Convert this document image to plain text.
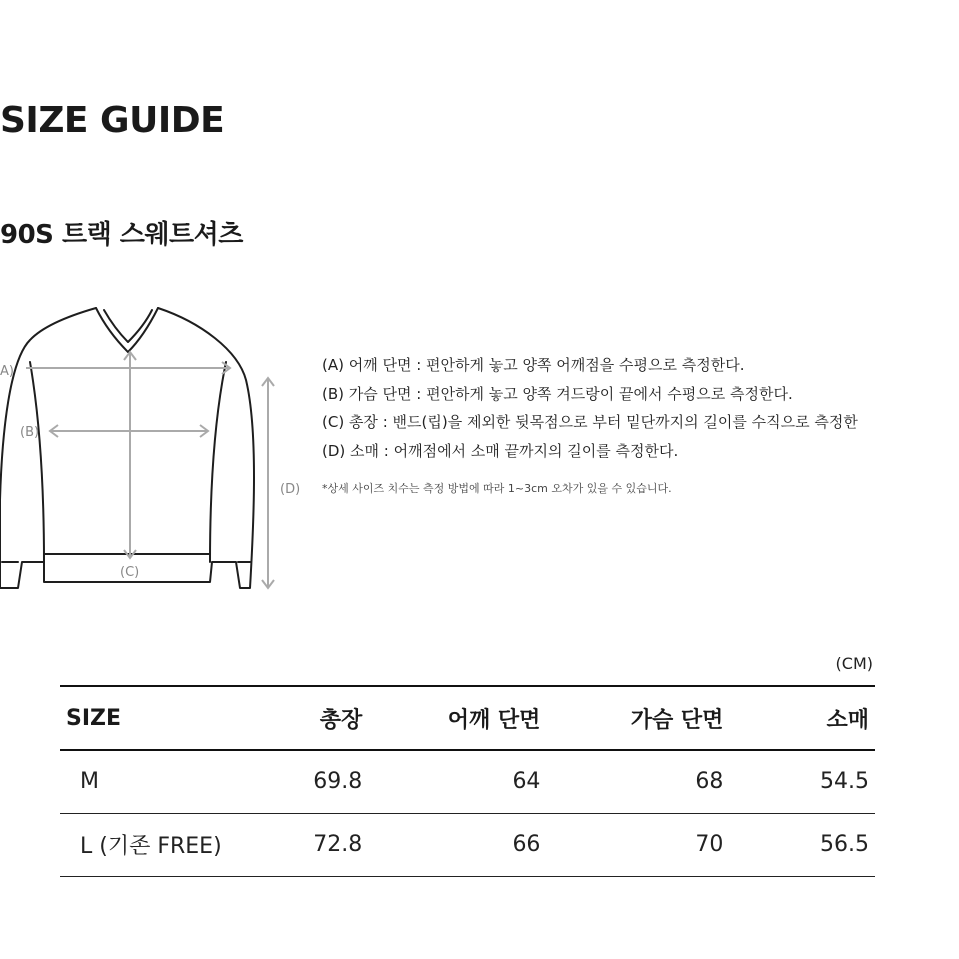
SIZE GUIDE
90S 트랙 스웨트셔츠
A)
(B)
(C)
(D)
(A) 어깨 단면 : 편안하게 놓고 양쪽 어깨점을 수평으로 측정한다.
(B) 가슴 단면 : 편안하게 놓고 양쪽 겨드랑이 끝에서 수평으로 측정한다.
(C) 총장 : 밴드(립)을 제외한 뒷목점으로 부터 밑단까지의 길이를 수직으로 측정한
(D) 소매 : 어깨점에서 소매 끝까지의 길이를 측정한다.
*상세 사이즈 치수는 측정 방법에 따라 1~3cm 오차가 있을 수 있습니다.
(CM)
SIZE	총장	어깨 단면	가슴 단면	소매
M	69.8	64	68	54.5
L (기존 FREE)	72.8	66	70	56.5
